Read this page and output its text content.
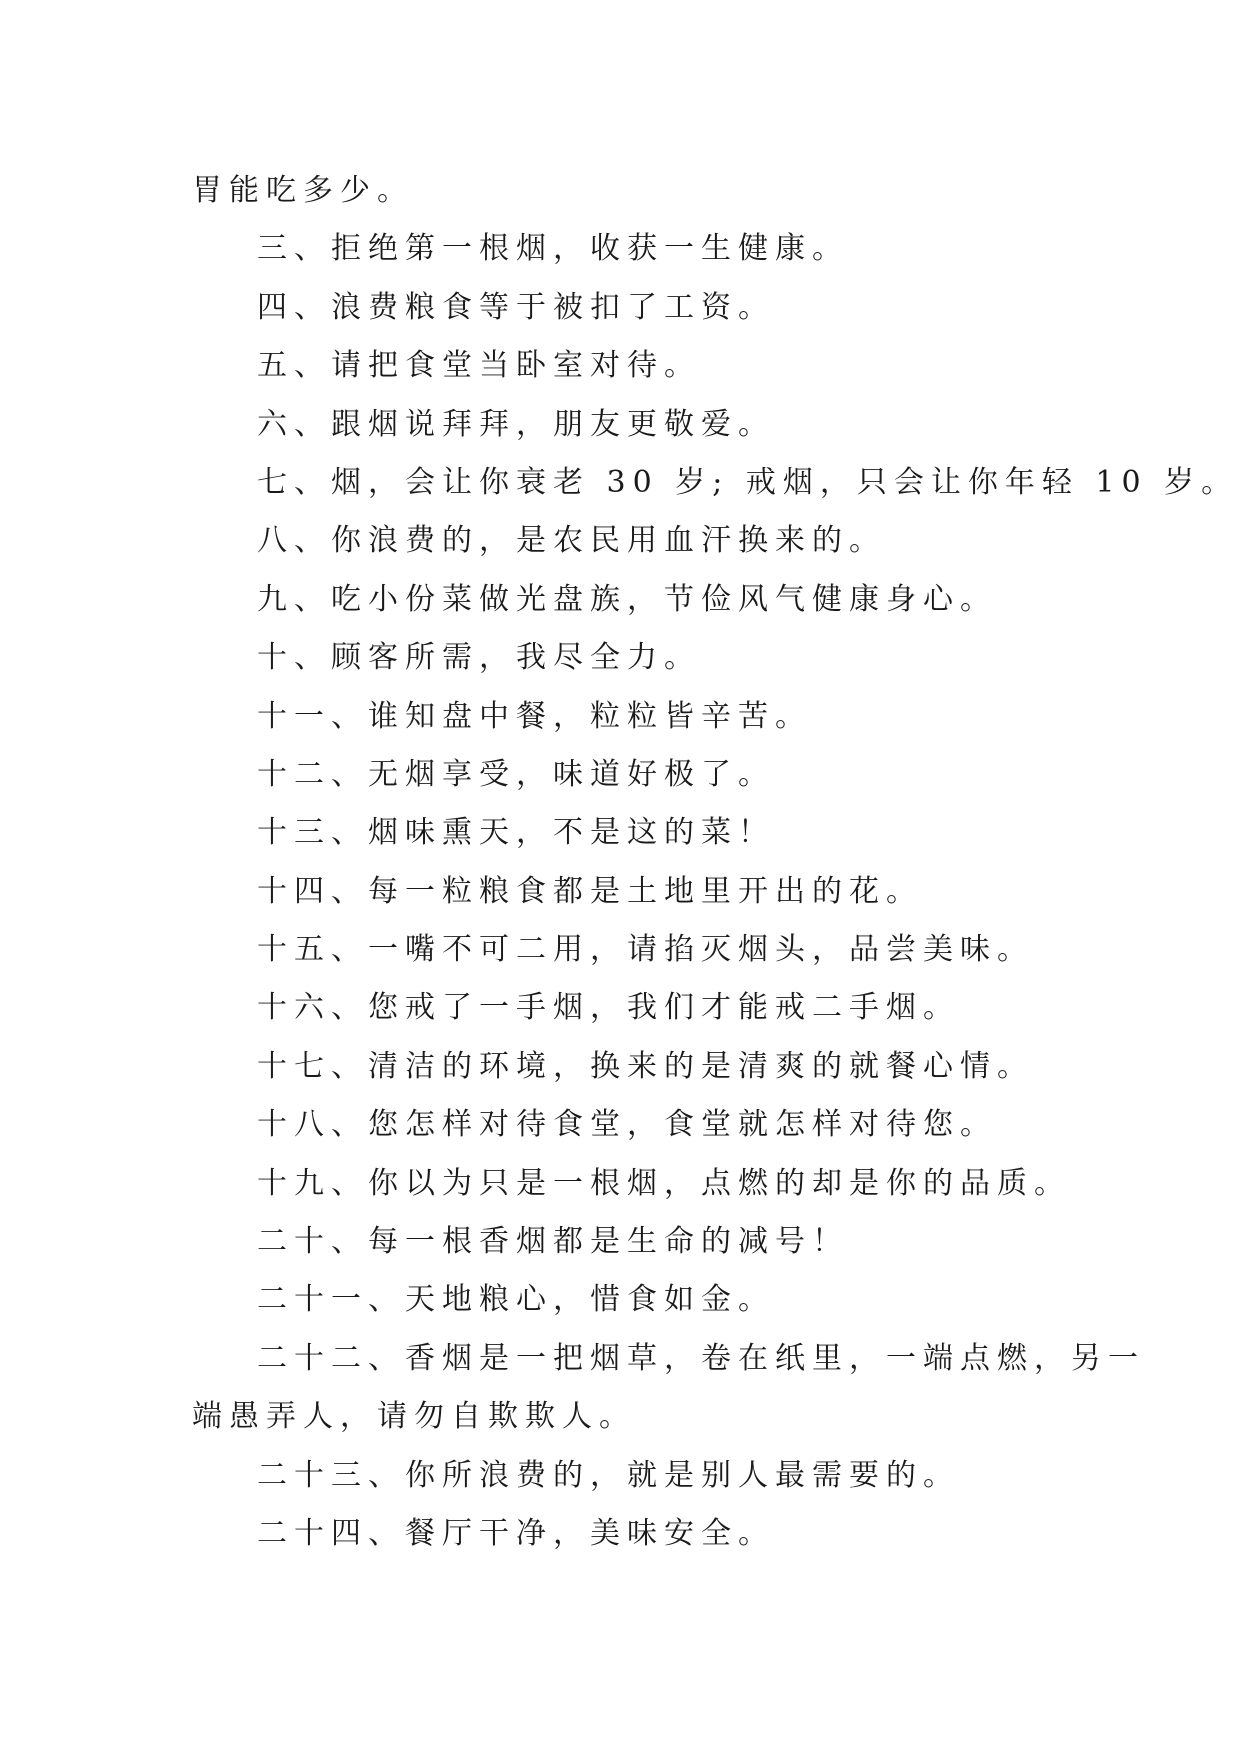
胃能吃多少。
三、拒绝第一根烟，收获一生健康。
四、浪费粮食等于被扣了工资。
五、请把食堂当卧室对待。
六、跟烟说拜拜，朋友更敬爱。
七、烟，会让你衰老 30 岁; 戒烟，只会让你年轻 10 岁。
八、你浪费的，是农民用血汗换来的。
九、吃小份菜做光盘族，节俭风气健康身心。
十、顾客所需，我尽全力。
十一、谁知盘中餐，粒粒皆辛苦。
十二、无烟享受，味道好极了。
十三、烟味熏天，不是这的菜！
十四、每一粒粮食都是土地里开出的花。
十五、一嘴不可二用，请掐灭烟头，品尝美味。
十六、您戒了一手烟，我们才能戒二手烟。
十七、清洁的环境，换来的是清爽的就餐心情。
十八、您怎样对待食堂，食堂就怎样对待您。
十九、你以为只是一根烟，点燃的却是你的品质。
二十、每一根香烟都是生命的减号！
二十一、天地粮心，惜食如金。
二十二、香烟是一把烟草，卷在纸里，一端点燃，另一
端愚弄人，请勿自欺欺人。
二十三、你所浪费的，就是别人最需要的。
二十四、餐厅干净，美味安全。
